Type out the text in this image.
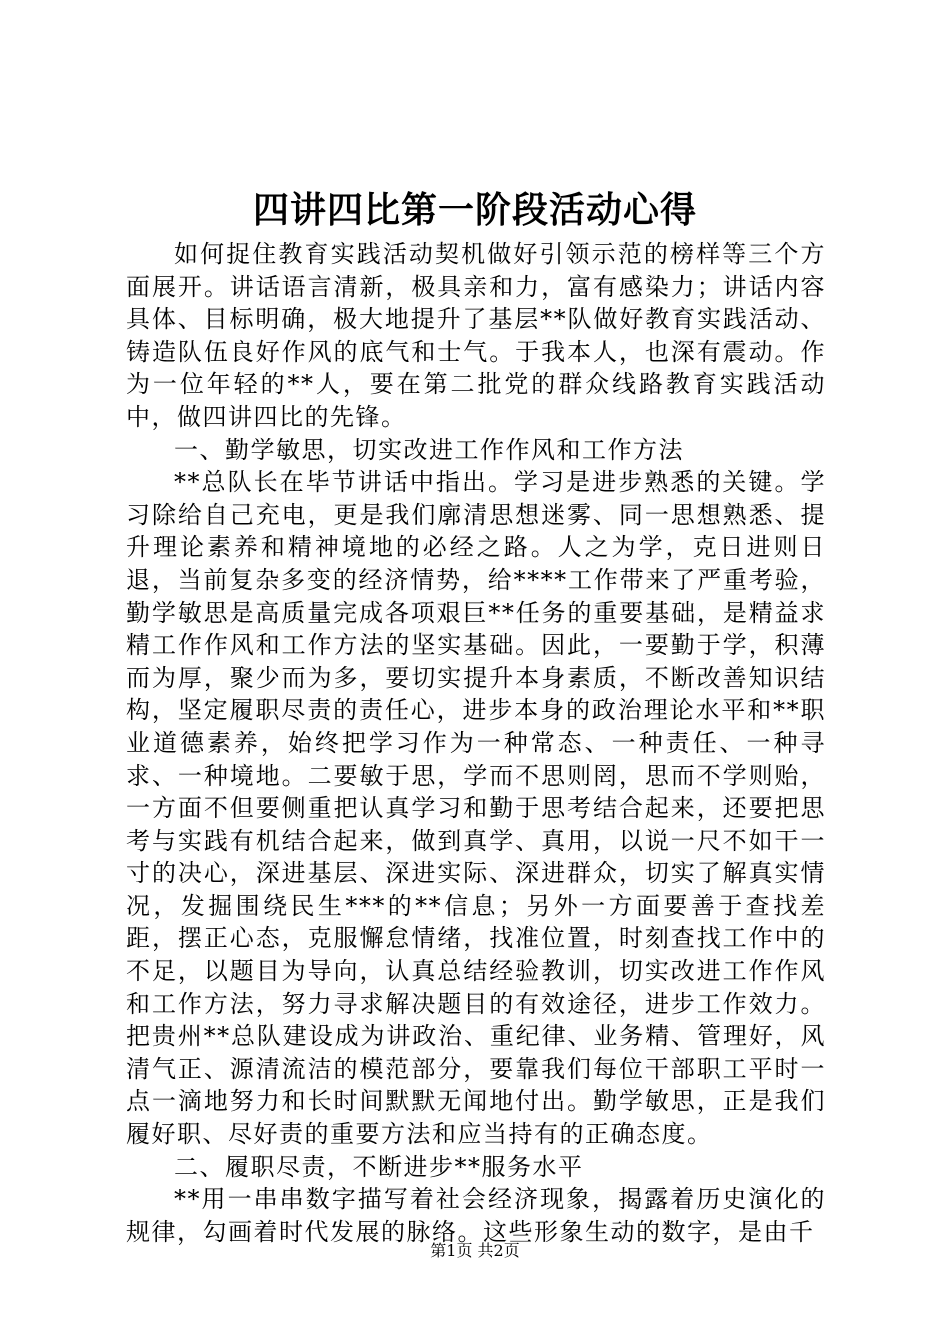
四讲四比第一阶段活动心得

如何捉住教育实践活动契机做好引领示范的榜样等三个方面展开。讲话语言清新，极具亲和力，富有感染力；讲话内容具体、目标明确，极大地提升了基层**队做好教育实践活动、铸造队伍良好作风的底气和士气。于我本人，也深有震动。作为一位年轻的**人，要在第二批党的群众线路教育实践活动中，做四讲四比的先锋。

一、勤学敏思，切实改进工作作风和工作方法

**总队长在毕节讲话中指出。学习是进步熟悉的关键。学习除给自己充电，更是我们廓清思想迷雾、同一思想熟悉、提升理论素养和精神境地的必经之路。人之为学，克日进则日退，当前复杂多变的经济情势，给****工作带来了严重考验，勤学敏思是高质量完成各项艰巨**任务的重要基础，是精益求精工作作风和工作方法的坚实基础。因此，一要勤于学，积薄而为厚，聚少而为多，要切实提升本身素质，不断改善知识结构，坚定履职尽责的责任心，进步本身的政治理论水平和**职业道德素养，始终把学习作为一种常态、一种责任、一种寻求、一种境地。二要敏于思，学而不思则罔，思而不学则贻，一方面不但要侧重把认真学习和勤于思考结合起来，还要把思考与实践有机结合起来，做到真学、真用，以说一尺不如干一寸的决心，深进基层、深进实际、深进群众，切实了解真实情况，发掘围绕民生***的**信息；另外一方面要善于查找差距，摆正心态，克服懈怠情绪，找准位置，时刻查找工作中的不足，以题目为导向，认真总结经验教训，切实改进工作作风和工作方法，努力寻求解决题目的有效途径，进步工作效力。把贵州**总队建设成为讲政治、重纪律、业务精、管理好，风清气正、源清流洁的模范部分，要靠我们每位干部职工平时一点一滴地努力和长时间默默无闻地付出。勤学敏思，正是我们履好职、尽好责的重要方法和应当持有的正确态度。

二、履职尽责，不断进步**服务水平

**用一串串数字描写着社会经济现象，揭露着历史演化的规律，勾画着时代发展的脉络。这些形象生动的数字，是由千

第1页 共2页
